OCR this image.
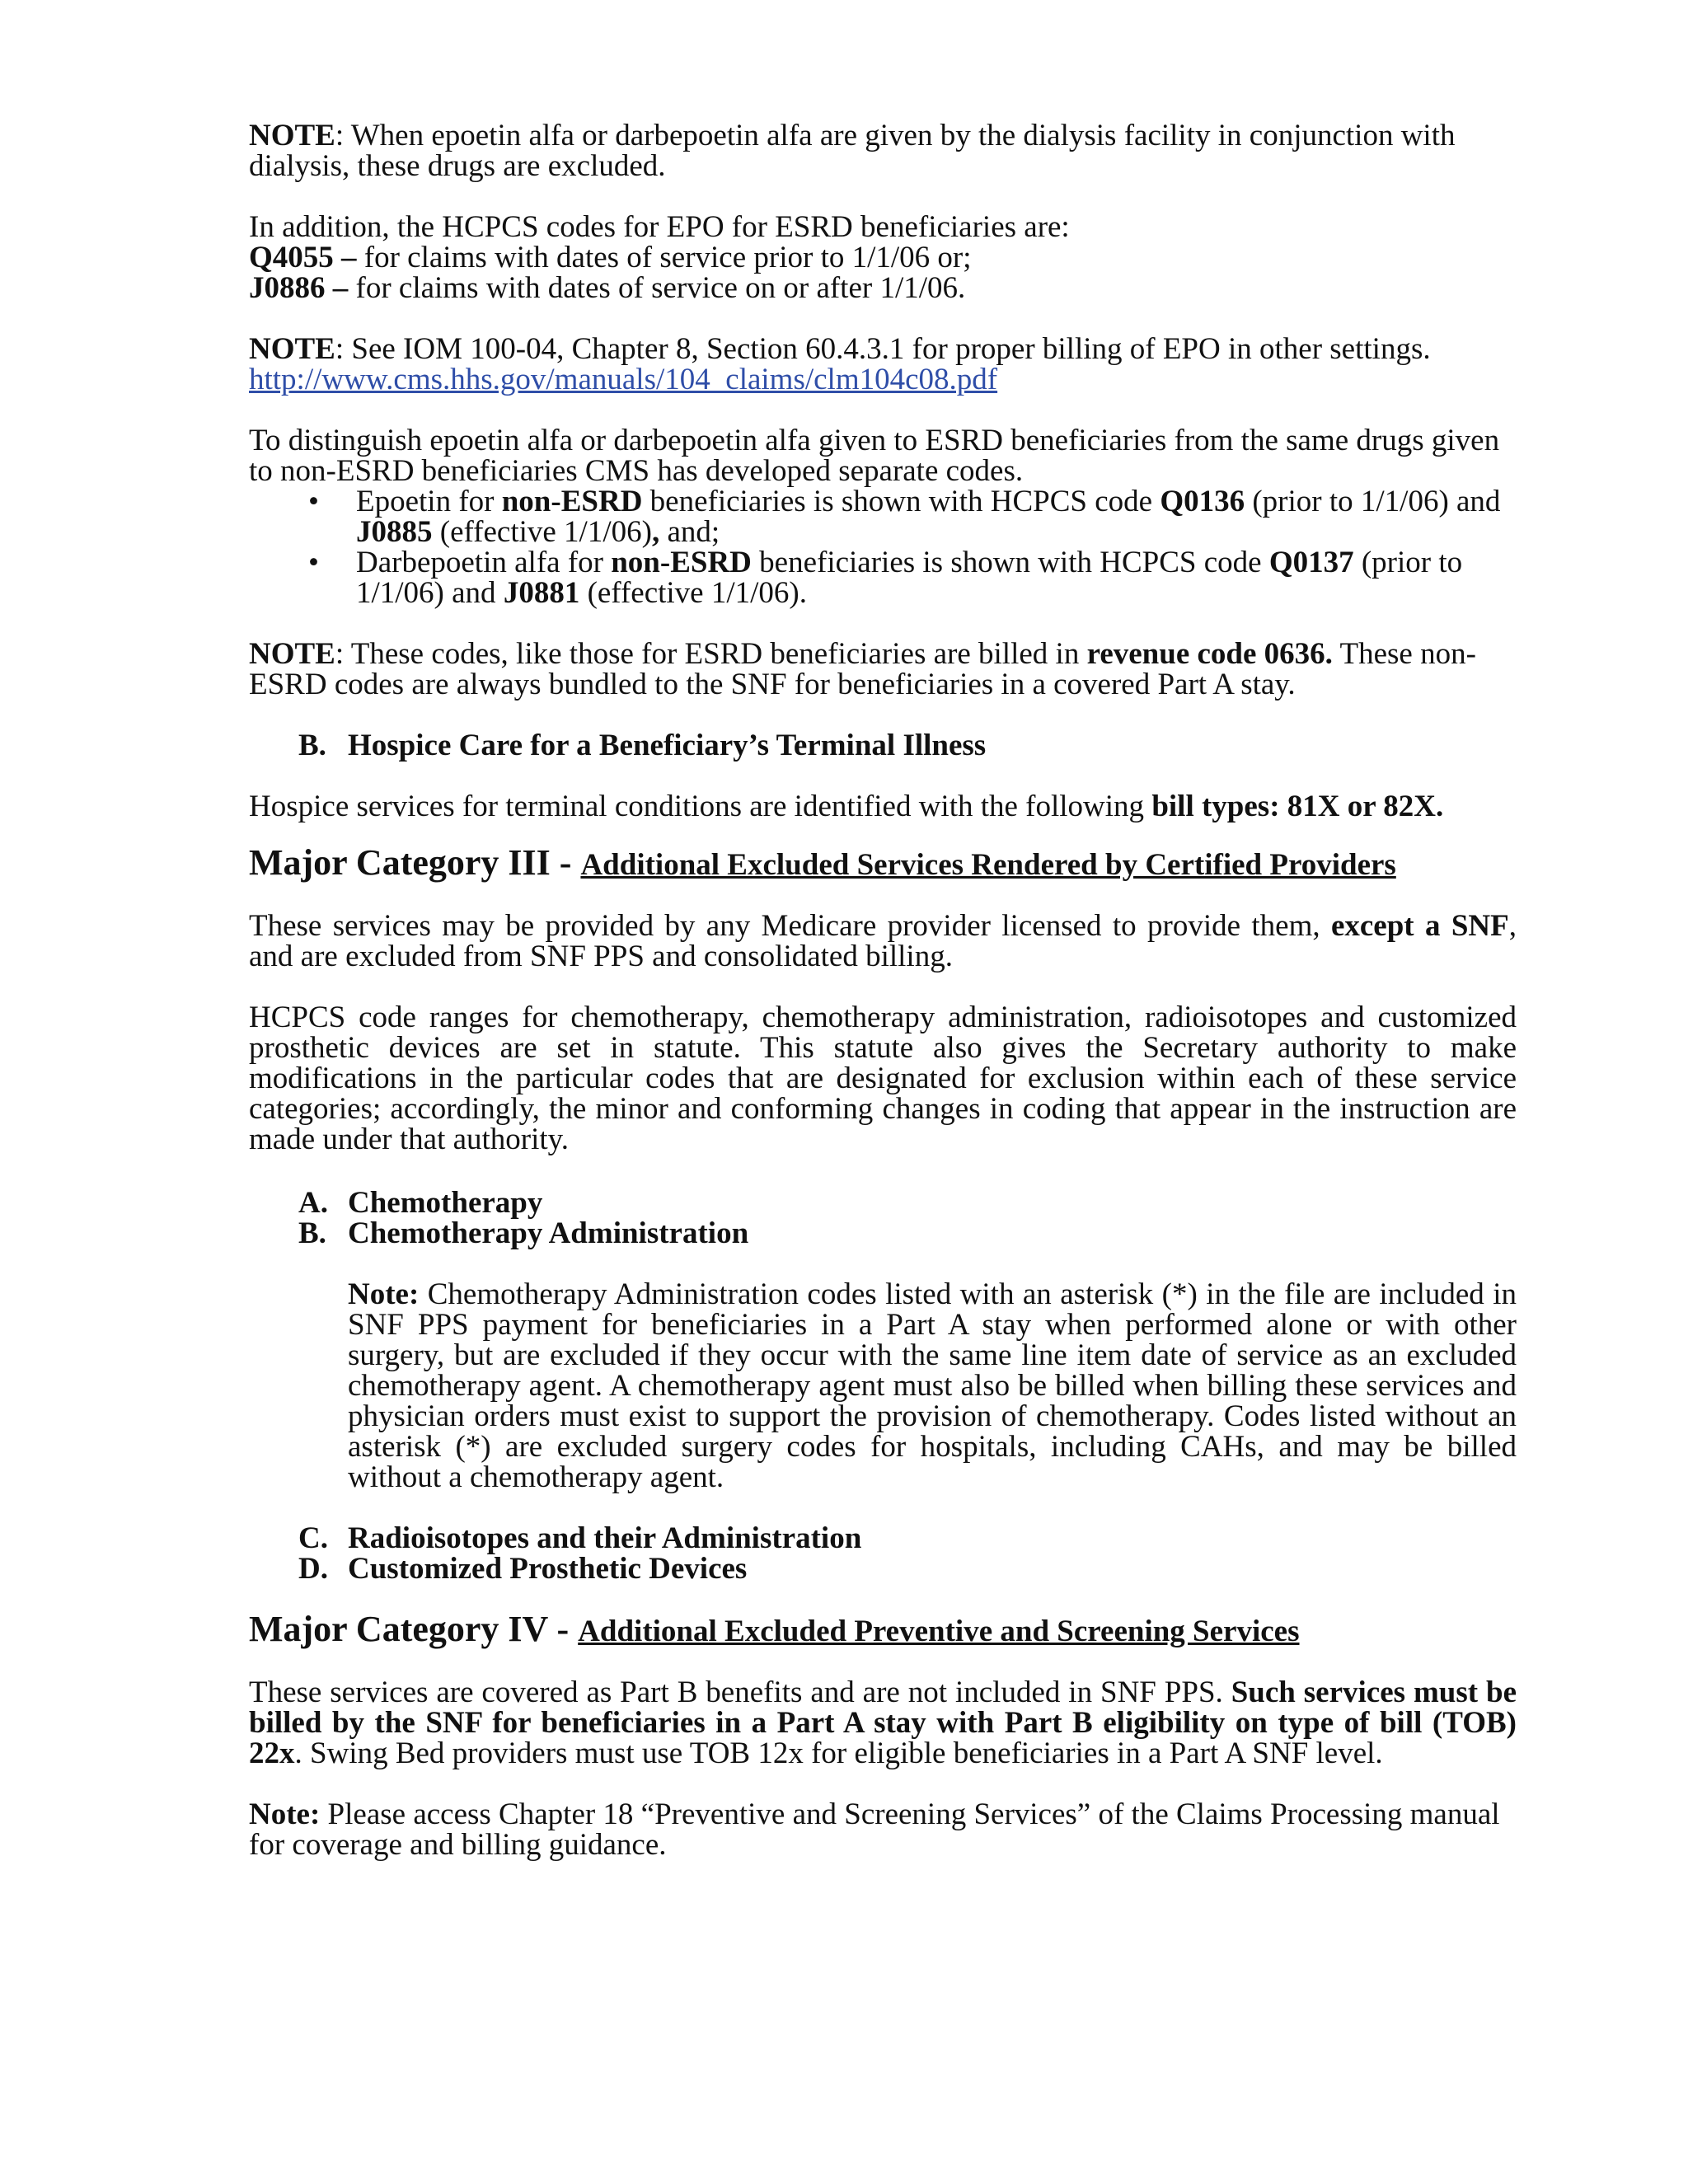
NOTE: When epoetin alfa or darbepoetin alfa are given by the dialysis facility in conjunction with dialysis, these drugs are excluded.

In addition, the HCPCS codes for EPO for ESRD beneficiaries are:

Q4055 – for claims with dates of service prior to 1/1/06 or;

J0886 – for claims with dates of service on or after 1/1/06.

NOTE: See IOM 100-04, Chapter 8, Section 60.4.3.1 for proper billing of EPO in other settings. http://www.cms.hhs.gov/manuals/104_claims/clm104c08.pdf

To distinguish epoetin alfa or darbepoetin alfa given to ESRD beneficiaries from the same drugs given to non-ESRD beneficiaries CMS has developed separate codes.

• Epoetin for non-ESRD beneficiaries is shown with HCPCS code Q0136 (prior to 1/1/06) and J0885 (effective 1/1/06), and;
• Darbepoetin alfa for non-ESRD beneficiaries is shown with HCPCS code Q0137 (prior to 1/1/06) and J0881 (effective 1/1/06).

NOTE: These codes, like those for ESRD beneficiaries are billed in revenue code 0636. These non-ESRD codes are always bundled to the SNF for beneficiaries in a covered Part A stay.

B. Hospice Care for a Beneficiary’s Terminal Illness

Hospice services for terminal conditions are identified with the following bill types: 81X or 82X.

Major Category III - Additional Excluded Services Rendered by Certified Providers

These services may be provided by any Medicare provider licensed to provide them, except a SNF, and are excluded from SNF PPS and consolidated billing.

HCPCS code ranges for chemotherapy, chemotherapy administration, radioisotopes and customized prosthetic devices are set in statute. This statute also gives the Secretary authority to make modifications in the particular codes that are designated for exclusion within each of these service categories; accordingly, the minor and conforming changes in coding that appear in the instruction are made under that authority.

A. Chemotherapy

B. Chemotherapy Administration

Note: Chemotherapy Administration codes listed with an asterisk (*) in the file are included in SNF PPS payment for beneficiaries in a Part A stay when performed alone or with other surgery, but are excluded if they occur with the same line item date of service as an excluded chemotherapy agent. A chemotherapy agent must also be billed when billing these services and physician orders must exist to support the provision of chemotherapy. Codes listed without an asterisk (*) are excluded surgery codes for hospitals, including CAHs, and may be billed without a chemotherapy agent.

C. Radioisotopes and their Administration

D. Customized Prosthetic Devices

Major Category IV - Additional Excluded Preventive and Screening Services

These services are covered as Part B benefits and are not included in SNF PPS. Such services must be billed by the SNF for beneficiaries in a Part A stay with Part B eligibility on type of bill (TOB) 22x. Swing Bed providers must use TOB 12x for eligible beneficiaries in a Part A SNF level.

Note: Please access Chapter 18 “Preventive and Screening Services” of the Claims Processing manual for coverage and billing guidance.
